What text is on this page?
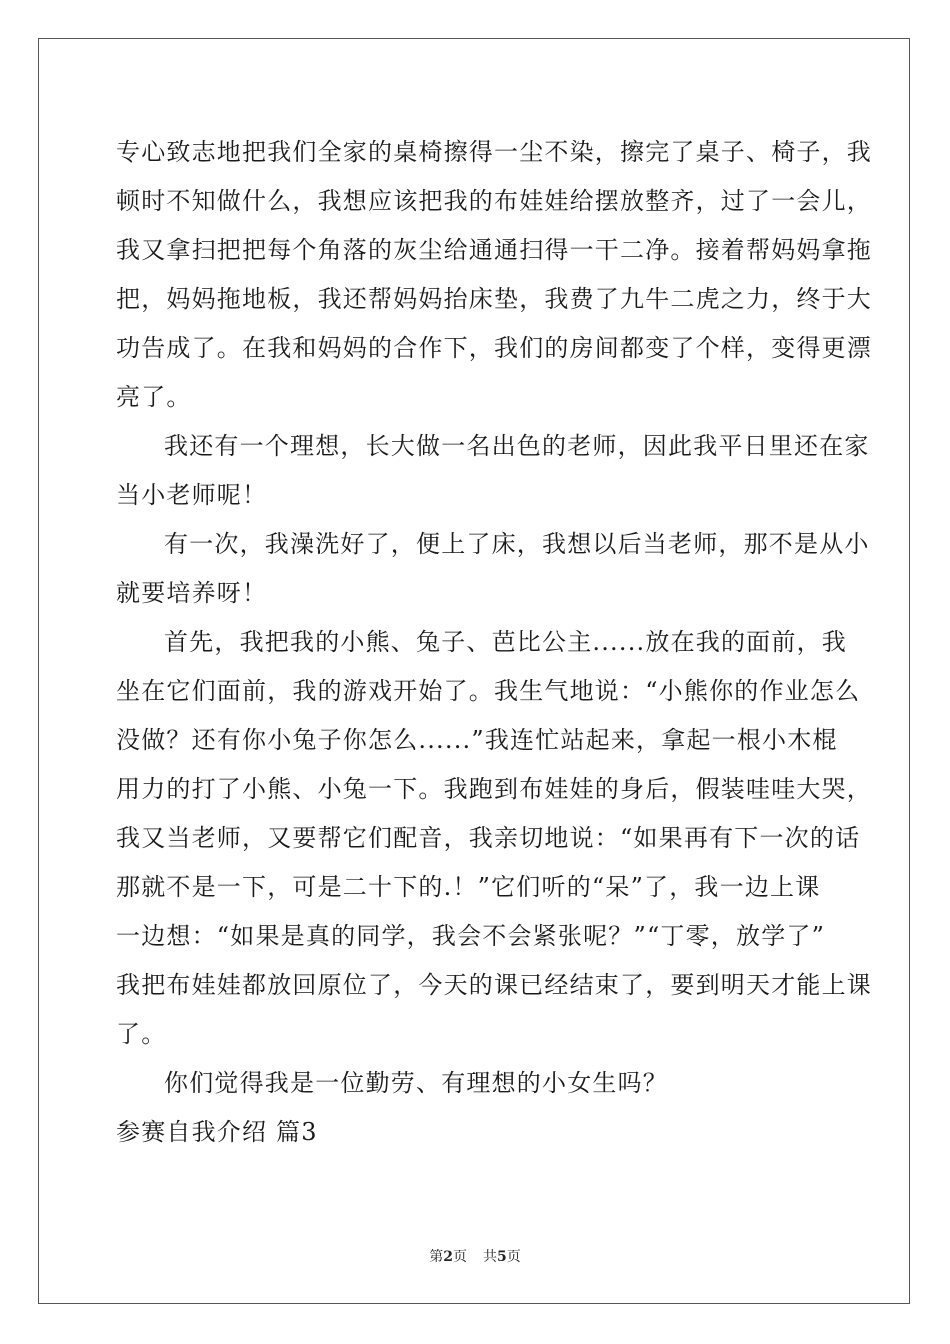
专心致志地把我们全家的桌椅擦得一尘不染，擦完了桌子、椅子，我
顿时不知做什么，我想应该把我的布娃娃给摆放整齐，过了一会儿，
我又拿扫把把每个角落的灰尘给通通扫得一干二净。接着帮妈妈拿拖
把，妈妈拖地板，我还帮妈妈抬床垫，我费了九牛二虎之力，终于大
功告成了。在我和妈妈的合作下，我们的房间都变了个样，变得更漂
亮了。
我还有一个理想，长大做一名出色的老师，因此我平日里还在家
当小老师呢！
有一次，我澡洗好了，便上了床，我想以后当老师，那不是从小
就要培养呀！
首先，我把我的小熊、兔子、芭比公主......放在我的面前，我
坐在它们面前，我的游戏开始了。我生气地说：“小熊你的作业怎么
没做？还有你小兔子你怎么......”我连忙站起来，拿起一根小木棍
用力的打了小熊、小兔一下。我跑到布娃娃的身后，假装哇哇大哭，
我又当老师，又要帮它们配音，我亲切地说：“如果再有下一次的话
那就不是一下，可是二十下的.！”它们听的“呆”了，我一边上课
一边想：“如果是真的同学，我会不会紧张呢？”“丁零，放学了”
我把布娃娃都放回原位了，今天的课已经结束了，要到明天才能上课
了。
你们觉得我是一位勤劳、有理想的小女生吗？
参赛自我介绍 篇3
第2页 共5页
